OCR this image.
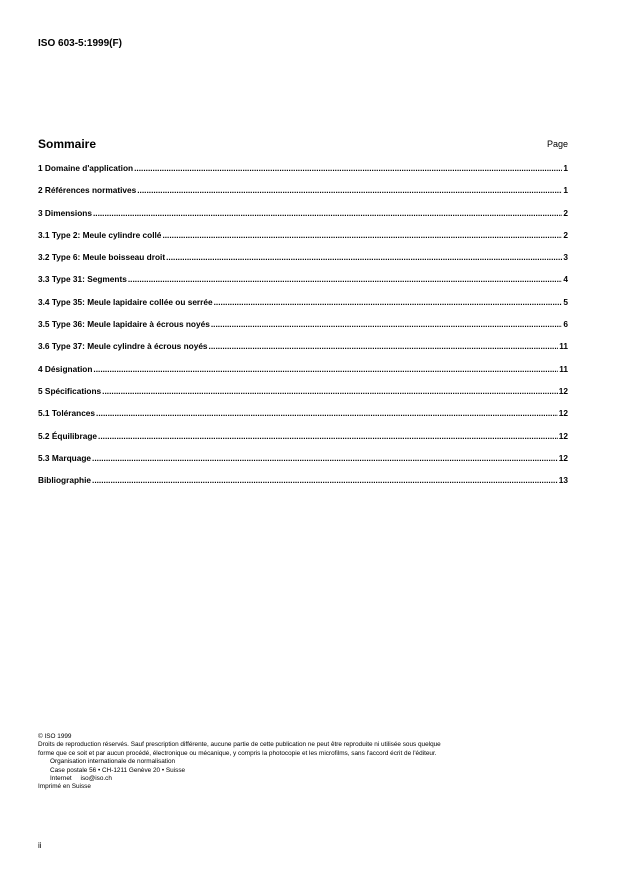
ISO 603-5:1999(F)
Sommaire	Page
1 Domaine d'application .....	1
2 Références normatives .....	1
3 Dimensions .....	2
3.1 Type 2: Meule cylindre collé .....	2
3.2 Type 6: Meule boisseau droit .....	3
3.3 Type 31: Segments .....	4
3.4 Type 35: Meule lapidaire collée ou serrée .....	5
3.5 Type 36: Meule lapidaire à écrous noyés .....	6
3.6 Type 37: Meule cylindre à écrous noyés .....	11
4 Désignation .....	11
5 Spécifications .....	12
5.1 Tolérances .....	12
5.2 Équilibrage .....	12
5.3 Marquage .....	12
Bibliographie .....	13
© ISO 1999
Droits de reproduction réservés. Sauf prescription différente, aucune partie de cette publication ne peut être reproduite ni utilisée sous quelque
forme que ce soit et par aucun procédé, électronique ou mécanique, y compris la photocopie et les microfilms, sans l'accord écrit de l'éditeur.
Organisation internationale de normalisation
Case postale 56 • CH-1211 Genève 20 • Suisse
Internet     iso@iso.ch
Imprimé en Suisse
ii
